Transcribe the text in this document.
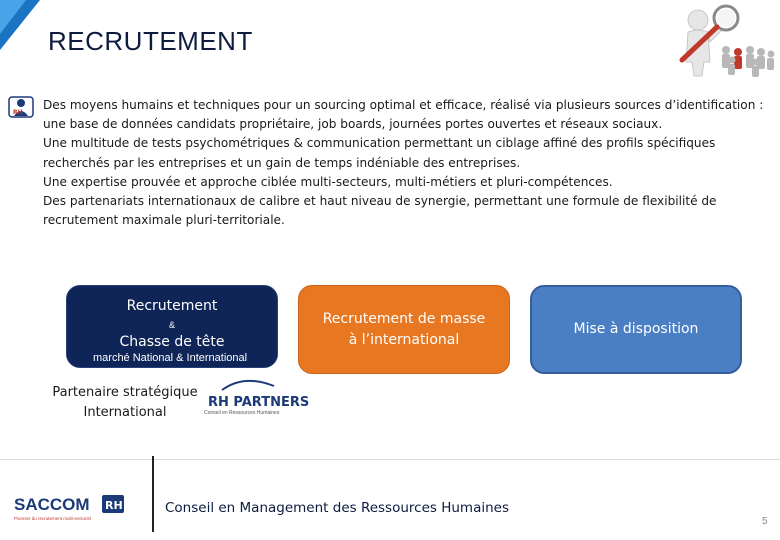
RECRUTEMENT
RH

Des moyens humains et techniques pour un sourcing optimal et efficace, réalisé via plusieurs sources d’identification : une base de données candidats propriétaire, job boards, journées portes ouvertes et réseaux sociaux.

Une multitude de tests psychométriques & communication permettant un ciblage affiné des profils spécifiques recherchés par les entreprises et un gain de temps indéniable des entreprises.

Une expertise prouvée et approche ciblée multi-secteurs, multi-métiers et pluri-compétences.

Des partenariats internationaux de calibre et haut niveau de synergie, permettant une formule de flexibilité de recrutement maximale pluri-territoriale.

Recrutement
&
Chasse de tête
marché National & International
Recrutement de masse
à l’international
Mise à disposition
Partenaire stratégique
International
RH PARTNERS
Conseil en Ressources Humaines
SACCOM RH
Pionnier du recrutement multi-sectoriel
Conseil en Management des Ressources Humaines
5
